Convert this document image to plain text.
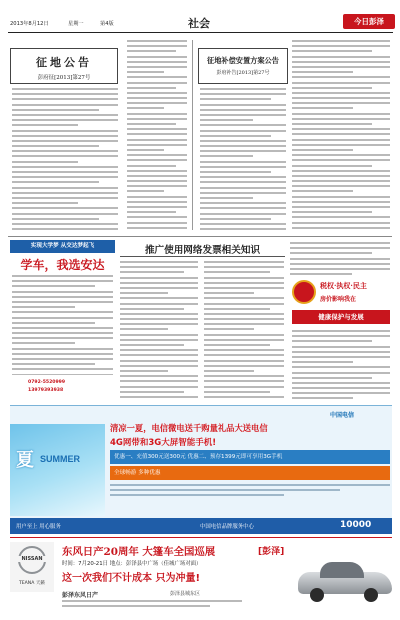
2013年8月12日	星期一	第4版	社会	今日彭泽
征地公告
彭府征[2013]第27号
征地补偿安置方案公告
彭府补告[2013]第27号
实现大学梦 从交达梦起飞
学车，我选安达
0792-5520999
13979393938
推广使用网络发票相关知识
税权·执权·民主
房价影响我在
健康保护与发展
夏 SUMMER
中国电信
清凉一夏，电信微电送千购量礼品大送电信
4G网带和3G大屏智能手机!
优惠一、充值300元送300元 优惠二、预存1399元即可享用3G手机
全球畅游 多种优惠
用户至上 用心服务	中国电信品牌服务中心	10000
NISSAN
TEANA 天籁
东风日产20周年 大篷车全国巡展	[彭泽]
时间：7月20-21日 地点：彭泽县中广场（佳城广场对面）
这一次我们不计成本 只为冲量!
彭泽东风日产	彭泽县城东区
